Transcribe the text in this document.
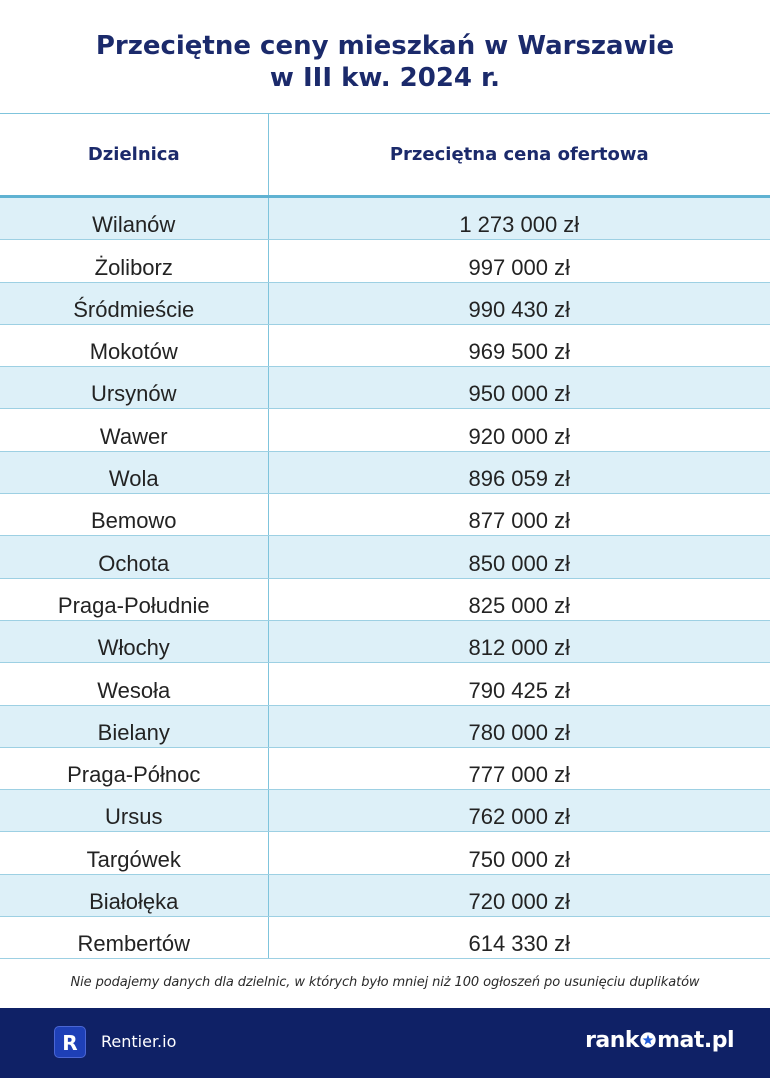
Przeciętne ceny mieszkań w Warszawie
w III kw. 2024 r.
Dzielnica	Przeciętna cena ofertowa
Wilanów	1 273 000 zł
Żoliborz	997 000 zł
Śródmieście	990 430 zł
Mokotów	969 500 zł
Ursynów	950 000 zł
Wawer	920 000 zł
Wola	896 059 zł
Bemowo	877 000 zł
Ochota	850 000 zł
Praga-Południe	825 000 zł
Włochy	812 000 zł
Wesoła	790 425 zł
Bielany	780 000 zł
Praga-Północ	777 000 zł
Ursus	762 000 zł
Targówek	750 000 zł
Białołęka	720 000 zł
Rembertów	614 330 zł
Nie podajemy danych dla dzielnic, w których było mniej niż 100 ogłoszeń po usunięciu duplikatów
R	Rentier.io	rank mat.pl
